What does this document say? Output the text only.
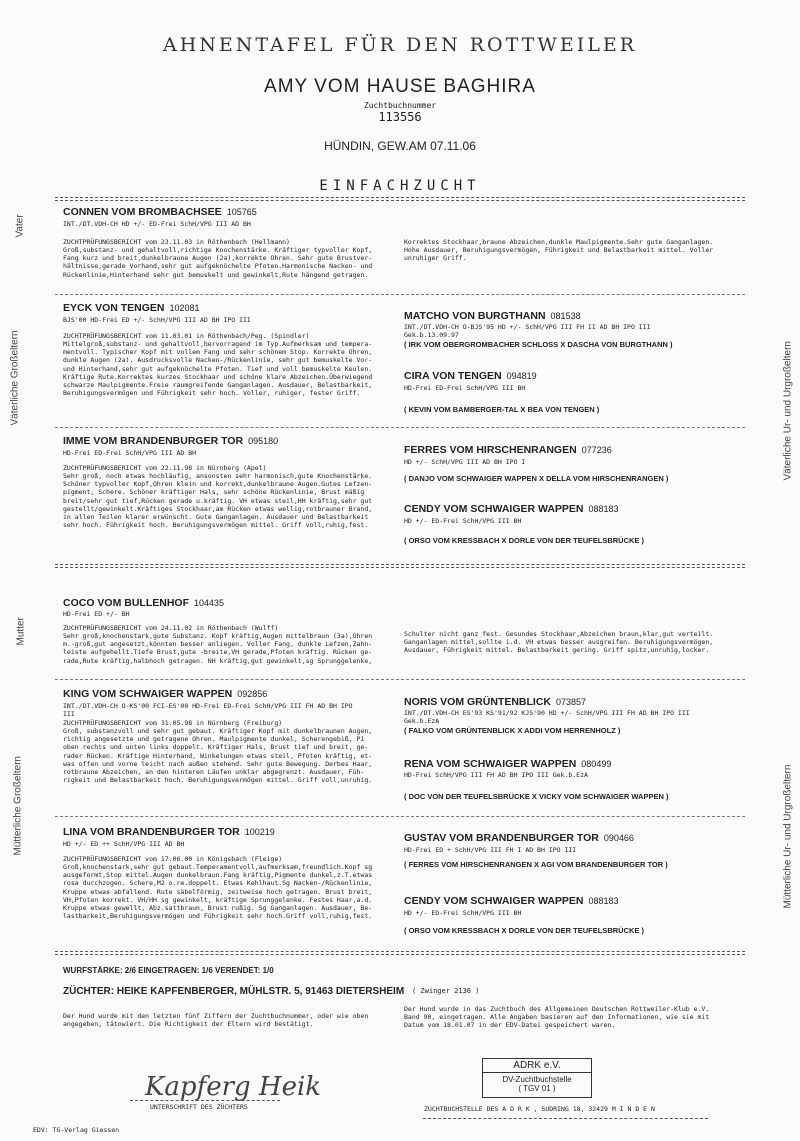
AHNENTAFEL FÜR DEN ROTTWEILER
AMY VOM HAUSE BAGHIRA
Zuchtbuchnummer
113556
HÜNDIN, GEW.AM 07.11.06
EINFACHZUCHT
Vater
Väterliche Großeltern	Väterliche Ur- und Urgroßeltern
Mutter
Mütterliche Großeltern	Mütterliche Ur- und Urgroßeltern
CONNEN VOM BROMBACHSEE 105765
INT./DT.VDH-CH HD +/- ED-Frei SchH/VPG III AD BH
ZUCHTPRÜFUNGSBERICHT vom 23.11.03 in Röthenbach (Hellmann)
Groß,substanz- und gehaltvoll,richtige Knochenstärke. Kräftiger typvoller Kopf,
Fang kurz und breit,dunkelbraune Augen (2a),korrekte Ohren. Sehr gute Brustver-
hältnisse,gerade Vorhand,sehr gut aufgeknöchelte Pfoten.Harmonische Nacken- und
Rückenlinie,Hinterhand sehr gut bemuskelt und gewinkelt,Rute hängend getragen.
Korrektes Stockhaar,braune Abzeichen,dunkle Maulpigmente.Sehr gute Ganganlagen.
Hohe Ausdauer, Beruhigungsvermögen, Führigkeit und Belastbarkeit mittel. Voller
unruhiger Griff.
EYCK VON TENGEN 102081
BJS'00 HD-Frei ED +/- SchH/VPG III AD BH IPO III
ZUCHTPRÜFUNGSBERICHT vom 11.03.01 in Röthenbach/Peg. (Spindler)
Mittelgroß,substanz- und gehaltvoll,hervorragend im Typ.Aufmerksam und tempera-
mentvoll. Typischer Kopf mit vollem Fang und sehr schönem Stop. Korrekte Ohren,
dunkle Augen (2a). Ausdrucksvolle Nacken-/Rückenlinie, sehr gut bemuskelte Vor-
und Hinterhand,sehr gut aufgeknöchelte Pfoten. Tief und voll bemuskelte Keulen.
Kräftige Rute.Korrektes kurzes Stockhaar und schöne klare Abzeichen.Überwiegend
schwarze Maulpigmente.Freie raumgreifende Ganganlagen. Ausdauer, Belastbarkeit,
Beruhigungsvermögen und Führigkeit sehr hoch. Voller, ruhiger, fester Griff.
MATCHO VON BURGTHANN 081538
INT./DT.VDH-CH O-BJS'95 HD +/- SchH/VPG III FH II AD BH IPO III
Gek.b.13.09.97
( IRK VOM OBERGROMBACHER SCHLOSS X DASCHA VON BURGTHANN )
CIRA VON TENGEN 094819
HD-Frei ED-Frei SchH/VPG III BH
( KEVIN VOM BAMBERGER-TAL X BEA VON TENGEN )
IMME VOM BRANDENBURGER TOR 095180
HD-Frei ED-Frei SchH/VPG III AD BH
ZUCHTPRÜFUNGSBERICHT vom 22.11.98 in Nürnberg (Apel)
Sehr groß, noch etwas hochläufig, ansonsten sehr harmonisch,gute Knochenstärke.
Schöner typvoller Kopf,Ohren klein und korrekt,dunkelbraune Augen.Gutes Lefzen-
pigment, Schere. Schöner kräftiger Hals, sehr schöne Rückenlinie, Brust mäßig
breit/sehr gut tief,Rücken gerade u.kräftig. VH etwas steil,HH kräftig,sehr gut
gestellt/gewinkelt.Kräftiges Stockhaar,am Rücken etwas wellig,rotbrauner Brand,
in allen Teilen klarer erwünscht. Gute Ganganlagen. Ausdauer und Belastbarkeit
sehr hoch. Führigkeit hoch. Beruhigungsvermögen mittel. Griff voll,ruhig,fest.
FERRES VOM HIRSCHENRANGEN 077236
HD +/- SchH/VPG III AD BH IPO I
( DANJO VOM SCHWAIGER WAPPEN X DELLA VOM HIRSCHENRANGEN )
CENDY VOM SCHWAIGER WAPPEN 088183
HD +/- ED-Frei SchH/VPG III BH
( ORSO VOM KRESSBACH X DORLE VON DER TEUFELSBRÜCKE )
COCO VOM BULLENHOF 104435
HD-Frei ED +/- BH
ZUCHTPRÜFUNGSBERICHT vom 24.11.02 in Röthenbach (Wulff)
Sehr groß,knochenstark,gute Substanz. Kopf kräftig,Augen mittelbraun (3a),Ohren
m.-groß,gut angesetzt,könnten besser anliegen. Voller Fang, dunkle Lefzen,Zahn-
leiste aufgehellt.Tiefe Brust,gute -breite,VH gerade,Pfoten kräftig. Rücken ge-
rade,Rute kräftig,halbhoch getragen. NH kräftig,gut gewinkelt,sg Sprunggelenke,
Schulter nicht ganz fest. Gesundes Stockhaar,Abzeichen braun,klar,gut verteilt.
Ganganlagen mittel,sollte i.d. VH etwas besser ausgreifen. Beruhigungsvermögen,
Ausdauer, Führigkeit mittel. Belastbarkeit gering. Griff spitz,unruhig,locker.
KING VOM SCHWAIGER WAPPEN 092856
INT./DT.VDH-CH O-KS'00 FCI-ES'00 HD-Frei ED-Frei SchH/VPG III FH AD BH IPO
III
ZUCHTPRÜFUNGSBERICHT vom 31.05.98 in Nürnberg (Freiburg)
Groß, substanzvoll und sehr gut gebaut. Kräftiger Kopf mit dunkelbraunen Augen,
richtig angesetzte und getragene Ohren. Maulpigmente dunkel, Scherengebiß, P1
oben rechts und unten links doppelt. Kräftiger Hals, Brust tief und breit, ge-
rader Rücken. Kräftige Hinterhand, Winkelungen etwas steil, Pfoten kräftig, et-
was offen und vorne leicht nach außen stehend. Sehr gute Bewegung. Derbes Haar,
rotbraune Abzeichen, an den hinteren Läufen unklar abgegrenzt. Ausdauer, Füh-
rigkeit und Belastbarkeit hoch. Beruhigungsvermögen mittel. Griff voll,unruhig.
NORIS VOM GRÜNTENBLICK 073857
INT./DT.VDH-CH ES'93 KS'91/92 KJS'90 HD +/- SchH/VPG III FH AD BH IPO III
Gek.b.EzA
( FALKO VOM GRÜNTENBLICK X ADDI VOM HERRENHOLZ )
RENA VOM SCHWAIGER WAPPEN 080499
HD-Frei SchH/VPG III FH AD BH IPO III Gek.b.EzA
( DOC VON DER TEUFELSBRÜCKE X VICKY VOM SCHWAIGER WAPPEN )
LINA VOM BRANDENBURGER TOR 100219
HD +/- ED ++ SchH/VPG III AD BH
ZUCHTPRÜFUNGSBERICHT vom 17.06.00 in Königsbach (Fleige)
Groß,knochenstark,sehr gut gebaut.Temperamentvoll,aufmerksam,freundlich.Kopf sg
ausgeformt,Stop mittel.Augen dunkelbraun.Fang kräftig,Pigmente dunkel,z.T.etwas
rosa durchzogen. Schere,M2 o.re.doppelt. Etwas Kehlhaut.Sg Nacken-/Rückenlinie,
Kruppe etwas abfallend. Rute säbelförmig, zeitweise hoch getragen. Brust breit,
VH,Pfoten korrekt. VH/HH sg gewinkelt, kräftige Sprunggelenke. Festes Haar,a.d.
Kruppe etwas gewellt, Abz.sattbraun, Brust rußig. Sg Ganganlagen. Ausdauer, Be-
lastbarkeit,Beruhigungsvermögen und Führigkeit sehr hoch.Griff voll,ruhig,fest.
GUSTAV VOM BRANDENBURGER TOR 090466
HD-Frei ED + SchH/VPG III FH I AD BH IPO III
( FERRES VOM HIRSCHENRANGEN X AGI VOM BRANDENBURGER TOR )
CENDY VOM SCHWAIGER WAPPEN 088183
HD +/- ED-Frei SchH/VPG III BH
( ORSO VOM KRESSBACH X DORLE VON DER TEUFELSBRÜCKE )
WURFSTÄRKE: 2/6 EINGETRAGEN: 1/6 VERENDET: 1/0
ZÜCHTER: HEIKE KAPFENBERGER, MÜHLSTR. 5, 91463 DIETERSHEIM ( Zwinger 2136 )
Der Hund wurde mit den letzten fünf Ziffern der Zuchtbuchnummer, oder wie oben
angegeben, tätowiert. Die Richtigkeit der Eltern wird bestätigt.
Der Hund wurde in das Zuchtbuch des Allgemeinen Deutschen Rottweiler-Klub e.V.
Band 90, eingetragen. Alle Angaben basieren auf den Informationen, wie sie mit
Datum vom 18.01.07 in der EDV-Datei gespeichert waren.
Kapferg Heik
UNTERSCHRIFT DES ZÜCHTERS
ADRK e.V.
DV-Zuchtbuchstelle
( TGV 01 )
ZUCHTBUCHSTELLE DES A D R K , SUDRING 18, 32429 M I N D E N
EDV: TG-Verlag Giessen
